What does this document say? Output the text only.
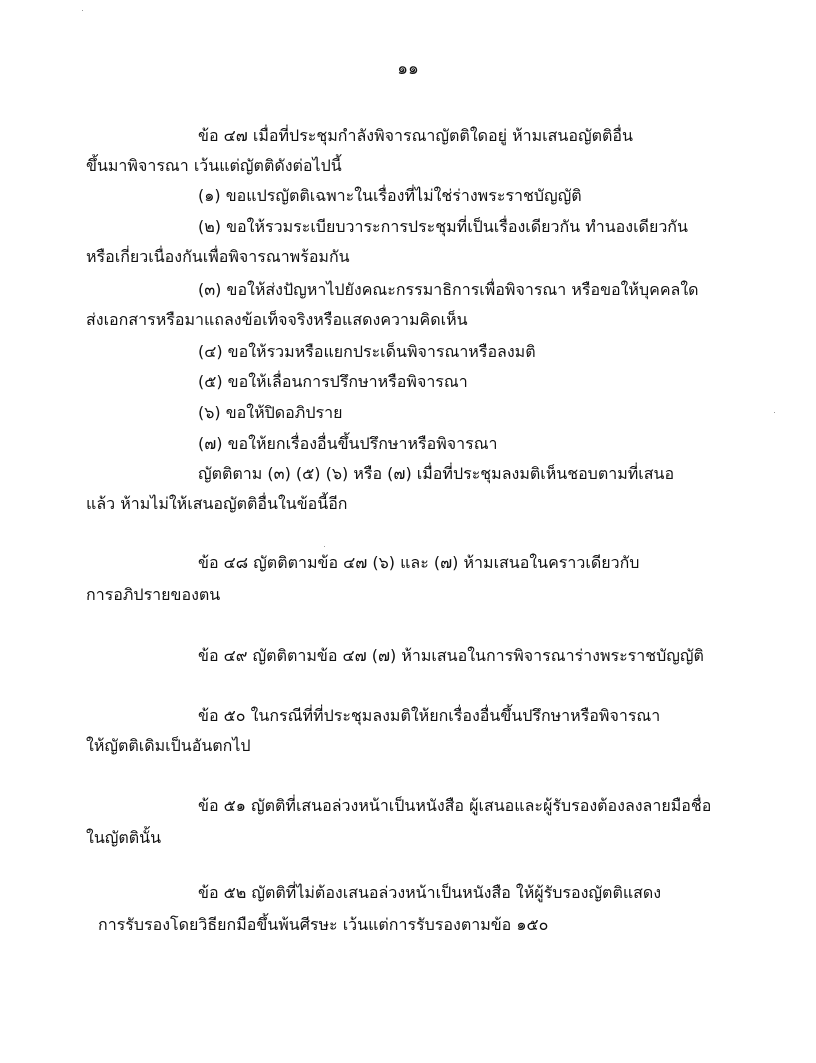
๑๑
ข้อ ๔๗ เมื่อที่ประชุมกำลังพิจารณาญัตติใดอยู่ ห้ามเสนอญัตติอื่น
ขึ้นมาพิจารณา เว้นแต่ญัตติดังต่อไปนี้
(๑) ขอแปรญัตติเฉพาะในเรื่องที่ไม่ใช่ร่างพระราชบัญญัติ
(๒) ขอให้รวมระเบียบวาระการประชุมที่เป็นเรื่องเดียวกัน ทำนองเดียวกัน
หรือเกี่ยวเนื่องกันเพื่อพิจารณาพร้อมกัน
(๓) ขอให้ส่งปัญหาไปยังคณะกรรมาธิการเพื่อพิจารณา หรือขอให้บุคคลใด
ส่งเอกสารหรือมาแถลงข้อเท็จจริงหรือแสดงความคิดเห็น
(๔) ขอให้รวมหรือแยกประเด็นพิจารณาหรือลงมติ
(๕) ขอให้เลื่อนการปรึกษาหรือพิจารณา
(๖) ขอให้ปิดอภิปราย
(๗) ขอให้ยกเรื่องอื่นขึ้นปรึกษาหรือพิจารณา
ญัตติตาม (๓) (๕) (๖) หรือ (๗) เมื่อที่ประชุมลงมติเห็นชอบตามที่เสนอ
แล้ว ห้ามไม่ให้เสนอญัตติอื่นในข้อนี้อีก
ข้อ ๔๘ ญัตติตามข้อ ๔๗ (๖) และ (๗) ห้ามเสนอในคราวเดียวกับ
การอภิปรายของตน
ข้อ ๔๙ ญัตติตามข้อ ๔๗ (๗) ห้ามเสนอในการพิจารณาร่างพระราชบัญญัติ
ข้อ ๕๐ ในกรณีที่ที่ประชุมลงมติให้ยกเรื่องอื่นขึ้นปรึกษาหรือพิจารณา
ให้ญัตติเดิมเป็นอันตกไป
ข้อ ๕๑ ญัตติที่เสนอล่วงหน้าเป็นหนังสือ ผู้เสนอและผู้รับรองต้องลงลายมือชื่อ
ในญัตตินั้น
ข้อ ๕๒ ญัตติที่ไม่ต้องเสนอล่วงหน้าเป็นหนังสือ ให้ผู้รับรองญัตติแสดง
การรับรองโดยวิธียกมือขึ้นพ้นศีรษะ เว้นแต่การรับรองตามข้อ ๑๕๐
